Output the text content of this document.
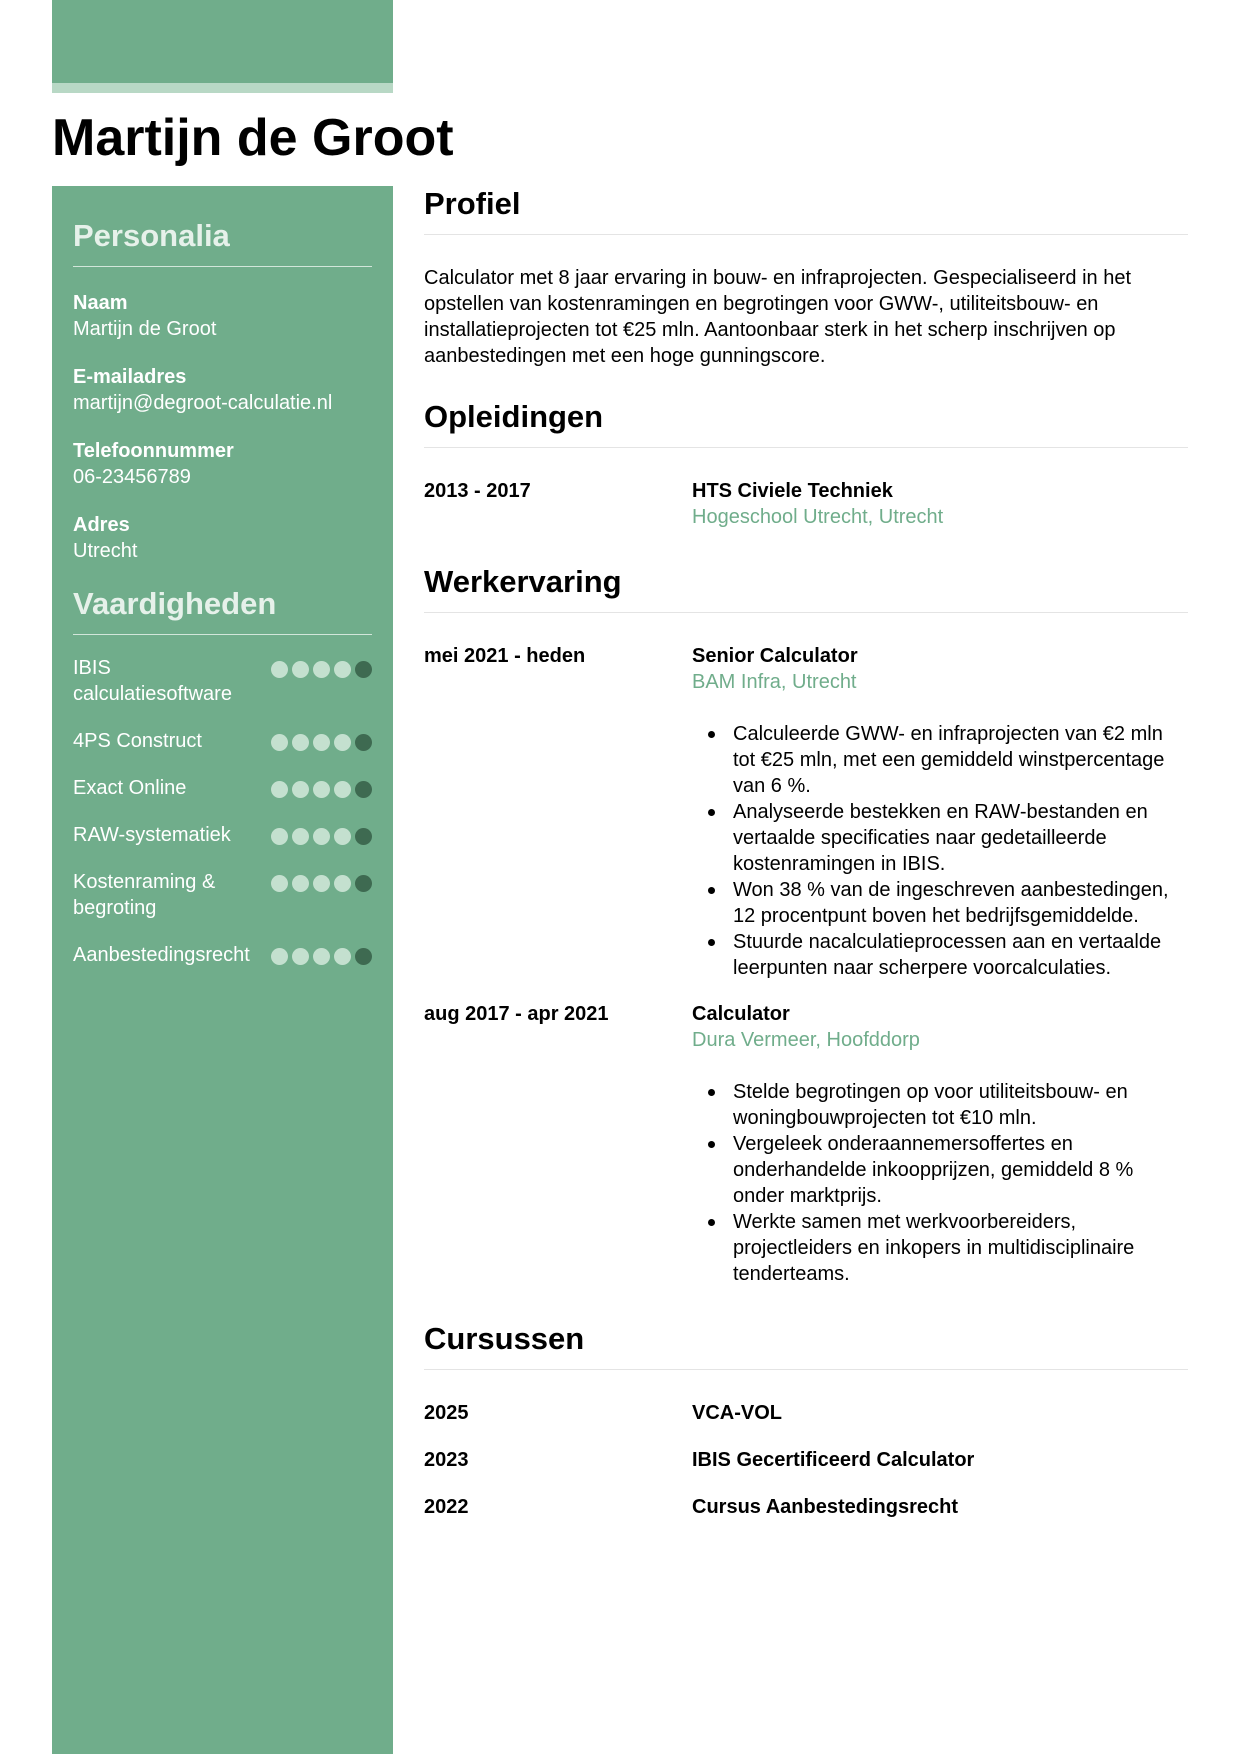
Martijn de Groot
Personalia
Naam
Martijn de Groot
E-mailadres
martijn@degroot-calculatie.nl
Telefoonnummer
06-23456789
Adres
Utrecht
Vaardigheden
IBIS calculatiesoftware
4PS Construct
Exact Online
RAW-systematiek
Kostenraming & begroting
Aanbestedingsrecht
Profiel

Calculator met 8 jaar ervaring in bouw- en infraprojecten. Gespecialiseerd in het opstellen van kostenramingen en begrotingen voor GWW-, utiliteitsbouw- en installatieprojecten tot €25 mln. Aantoonbaar sterk in het scherp inschrijven op aanbestedingen met een hoge gunningscore.

Opleidingen
2013 - 2017	HTS Civiele Techniek
Hogeschool Utrecht, Utrecht
Werkervaring
mei 2021 - heden	Senior Calculator
BAM Infra, Utrecht
Calculeerde GWW- en infraprojecten van €2 mln tot €25 mln, met een gemiddeld winstpercentage van 6 %.
Analyseerde bestekken en RAW-bestanden en vertaalde specificaties naar gedetailleerde kostenramingen in IBIS.
Won 38 % van de ingeschreven aanbestedingen, 12 procentpunt boven het bedrijfsgemiddelde.
Stuurde nacalculatieprocessen aan en vertaalde leerpunten naar scherpere voorcalculaties.
aug 2017 - apr 2021	Calculator
Dura Vermeer, Hoofddorp
Stelde begrotingen op voor utiliteitsbouw- en woningbouwprojecten tot €10 mln.
Vergeleek onderaannemersoffertes en onderhandelde inkoopprijzen, gemiddeld 8 % onder marktprijs.
Werkte samen met werkvoorbereiders, projectleiders en inkopers in multidisciplinaire tenderteams.
Cursussen
2025	VCA-VOL
2023	IBIS Gecertificeerd Calculator
2022	Cursus Aanbestedingsrecht
